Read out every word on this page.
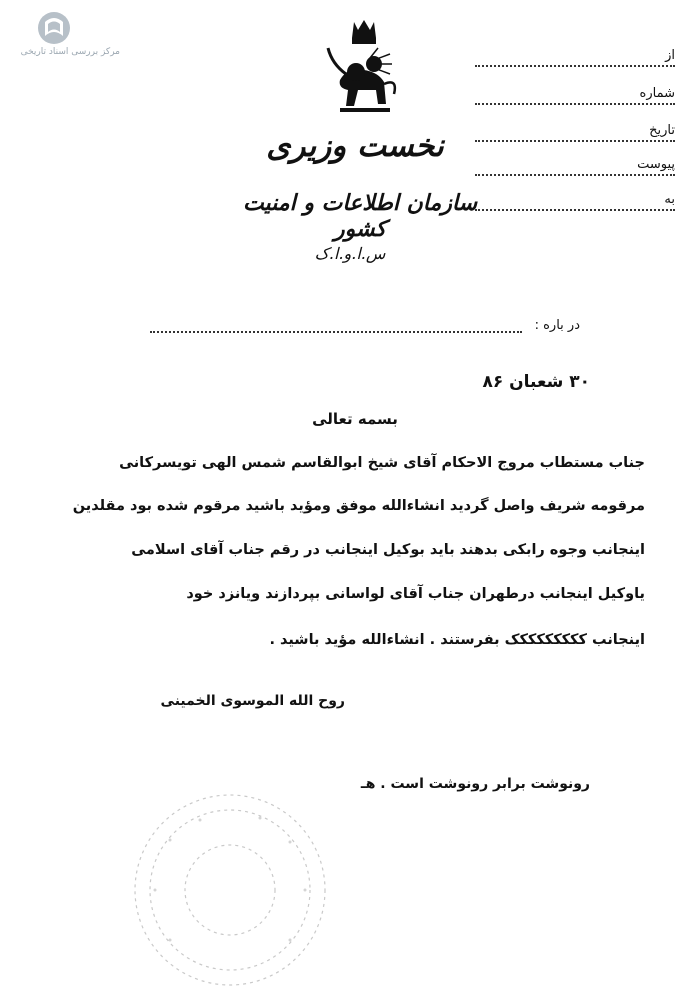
مرکز بررسی اسناد تاریخی
نخست وزیری
سازمان اطلاعات و امنیت کشور
س.ا.و.ا.ک
از
شماره
تاریخ
پیوست
به
در باره :
۳۰ شعبان ۸۶
بسمه تعالی
جناب مستطاب مروج الاحکام آقای شیخ ابوالقاسم شمس الهی تویسرکانی
مرقومه شریف واصل گردید انشاءالله موفق ومؤید باشید مرقوم شده بود مقلدین
اینجانب وجوه رابکی بدهند باید بوکیل اینجانب در رقم جناب آقای اسلامی
یاوکیل اینجانب درطهران جناب آقای لواسانی بپردازند ویانزد خود
اینجانب ککککککککک بفرستند . انشاءالله مؤید باشید .
روح الله الموسوی الخمینی
رونوشت برابر رونوشت است . هـ
